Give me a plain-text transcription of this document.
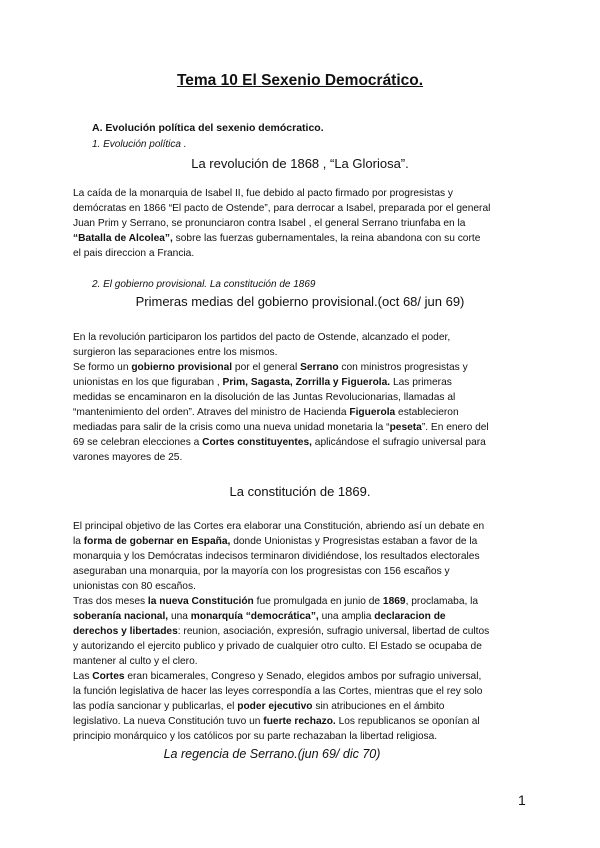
Tema 10 El Sexenio Democrático.
A. Evolución política del sexenio demócratico.
1. Evolución política .
La revolución de 1868 , “La Gloriosa”.

La caída de la monarquia de Isabel II, fue debido al pacto firmado por progresistas y

demócratas en 1866 “El pacto de Ostende”, para derrocar a Isabel, preparada por el general

Juan Prim y Serrano, se pronunciaron contra Isabel , el general Serrano triunfaba en la

“Batalla de Alcolea”, sobre las fuerzas gubernamentales, la reina abandona con su corte

el pais direccion a Francia.

2. El gobierno provisional. La constitución de 1869
Primeras medias del gobierno provisional.(oct 68/ jun 69)

En la revolución participaron los partidos del pacto de Ostende, alcanzado el poder,

surgieron las separaciones entre los mismos.

Se formo un gobierno provisional por el general Serrano con ministros progresistas y

unionistas en los que figuraban , Prim, Sagasta, Zorrilla y Figuerola. Las primeras

medidas se encaminaron en la disolución de las Juntas Revolucionarias, llamadas al

“mantenimiento del orden”. Atraves del ministro de Hacienda Figuerola establecieron

mediadas para salir de la crisis como una nueva unidad monetaria la “peseta”. En enero del

69 se celebran elecciones a Cortes constituyentes, aplicándose el sufragio universal para

varones mayores de 25.

La constitución de 1869.

El principal objetivo de las Cortes era elaborar una Constitución, abriendo así un debate en

la forma de gobernar en España, donde Unionistas y Progresistas estaban a favor de la

monarquia y los Demócratas indecisos terminaron dividiéndose, los resultados electorales

aseguraban una monarquia, por la mayoría con los progresistas con 156 escaños y

unionistas con 80 escaños.

Tras dos meses la nueva Constitución fue promulgada en junio de 1869, proclamaba, la

soberanía nacional, una monarquía “democrática”, una amplia declaracion de

derechos y libertades: reunion, asociación, expresión, sufragio universal, libertad de cultos

y autorizando el ejercito publico y privado de cualquier otro culto. El Estado se ocupaba de

mantener al culto y el clero.

Las Cortes eran bicamerales, Congreso y Senado, elegidos ambos por sufragio universal,

la función legislativa de hacer las leyes correspondía a las Cortes, mientras que el rey solo

las podía sancionar y publicarlas, el poder ejecutivo sin atribuciones en el ámbito

legislativo. La nueva Constitución tuvo un fuerte rechazo. Los republicanos se oponían al

principio monárquico y los católicos por su parte rechazaban la libertad religiosa.

La regencia de Serrano.(jun 69/ dic 70)
1
